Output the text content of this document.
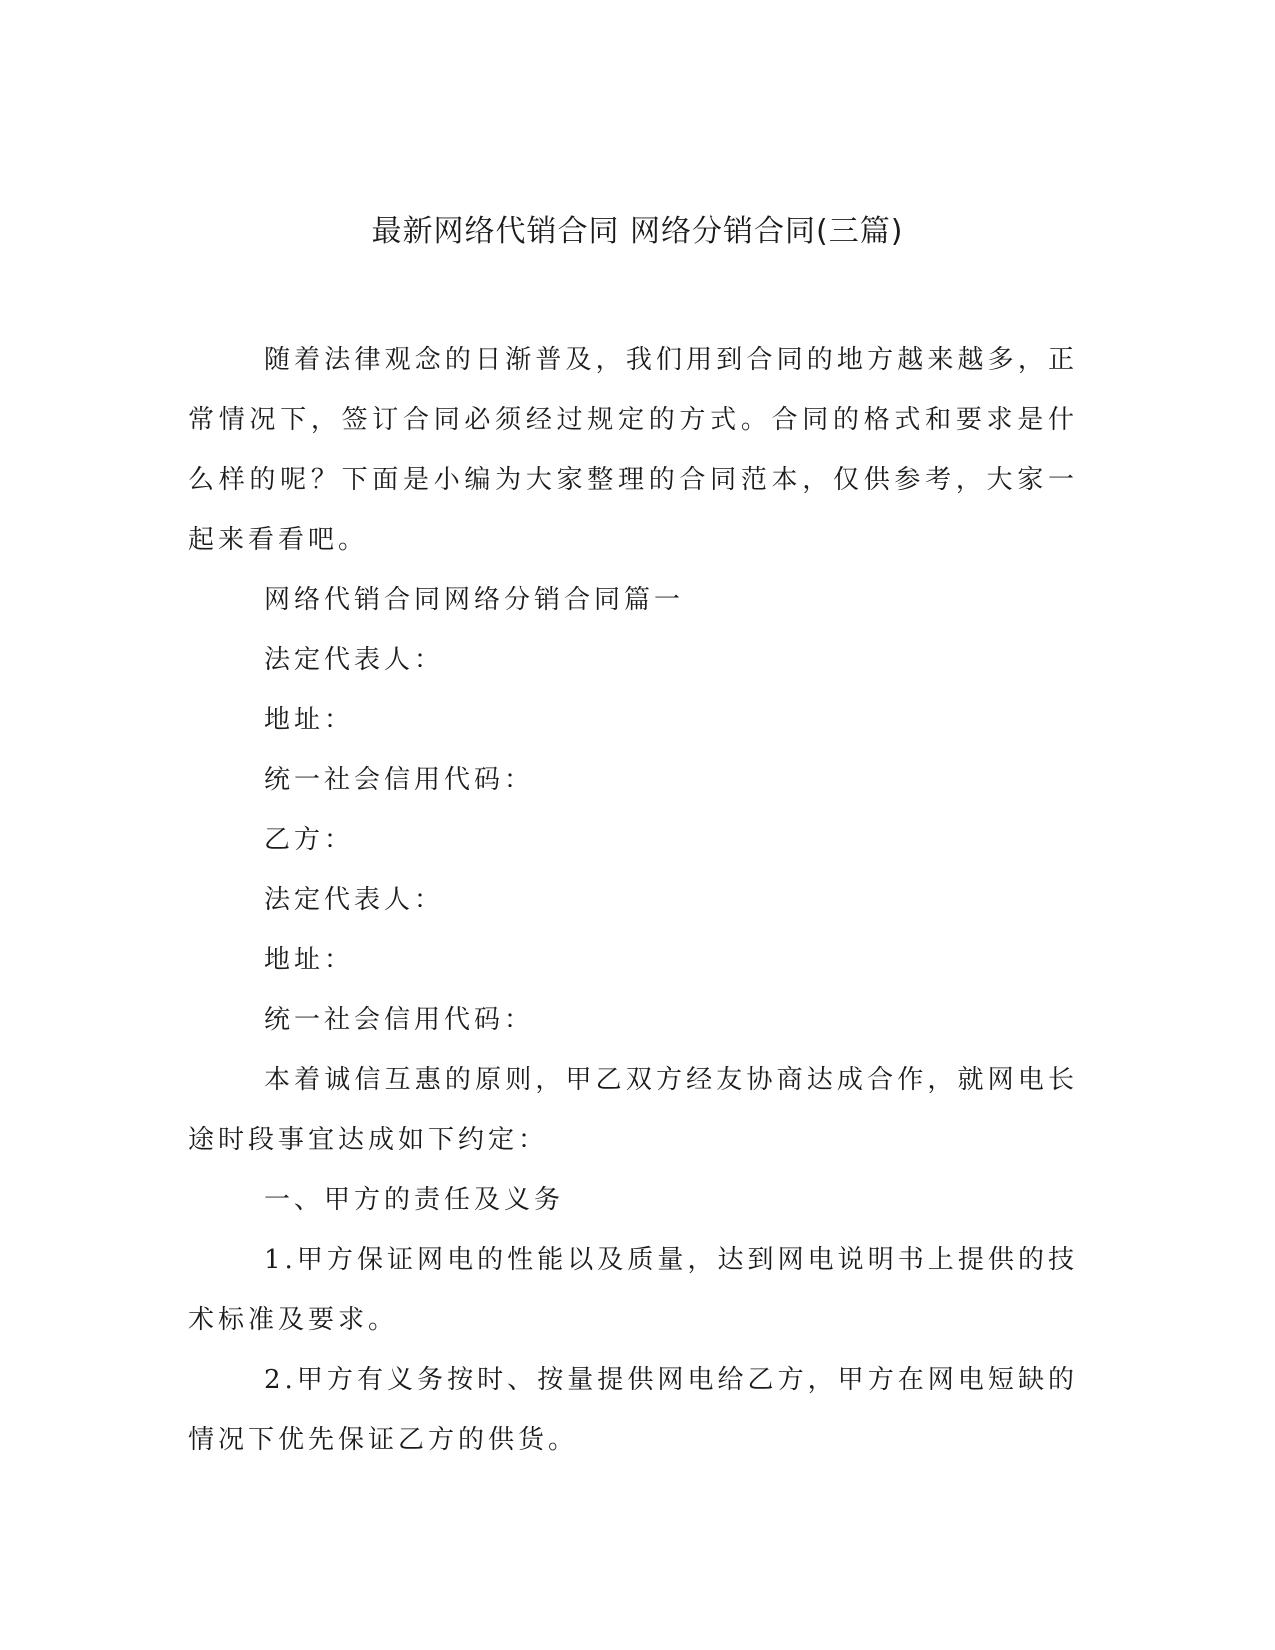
最新网络代销合同 网络分销合同(三篇)

随着法律观念的日渐普及，我们用到合同的地方越来越多，正常情况下，签订合同必须经过规定的方式。合同的格式和要求是什么样的呢？下面是小编为大家整理的合同范本，仅供参考，大家一起来看看吧。

网络代销合同网络分销合同篇一

法定代表人：

地址：

统一社会信用代码：

乙方：

法定代表人：

地址：

统一社会信用代码：

本着诚信互惠的原则，甲乙双方经友协商达成合作，就网电长途时段事宜达成如下约定：

一、甲方的责任及义务

1.甲方保证网电的性能以及质量，达到网电说明书上提供的技术标准及要求。

2.甲方有义务按时、按量提供网电给乙方，甲方在网电短缺的情况下优先保证乙方的供货。
